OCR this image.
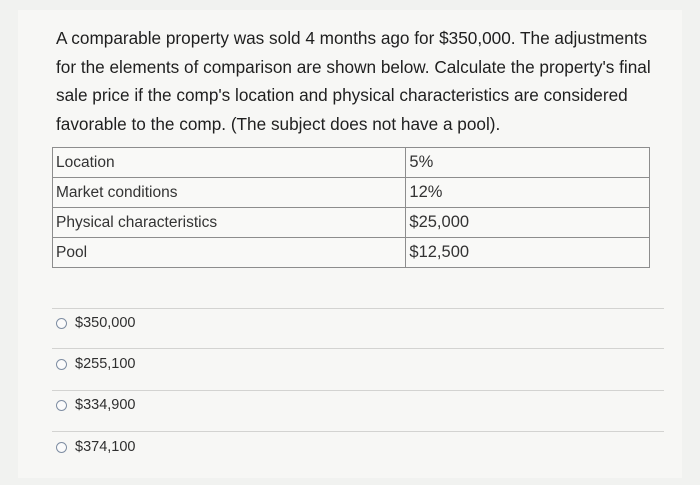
A comparable property was sold 4 months ago for $350,000. The adjustments for the elements of comparison are shown below. Calculate the property's final sale price if the comp's location and physical characteristics are considered favorable to the comp. (The subject does not have a pool).
Location	5%
Market conditions	12%
Physical characteristics	$25,000
Pool	$12,500
$350,000
$255,100
$334,900
$374,100
